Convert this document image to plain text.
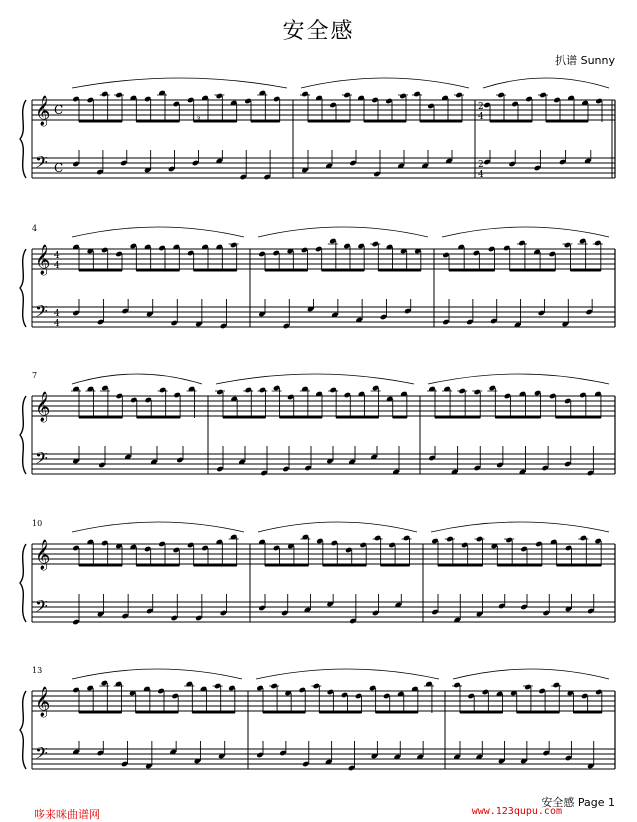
安全感
扒谱 Sunny
𝄞
𝄢
C
C
2
4
2
4
3
𝄞
𝄢
4
4
4
4
4
𝄞
𝄢
7
𝄞
𝄢
10
𝄞
𝄢
13
安全感 Page 1
哆来咪曲谱网	www.123qupu.com
